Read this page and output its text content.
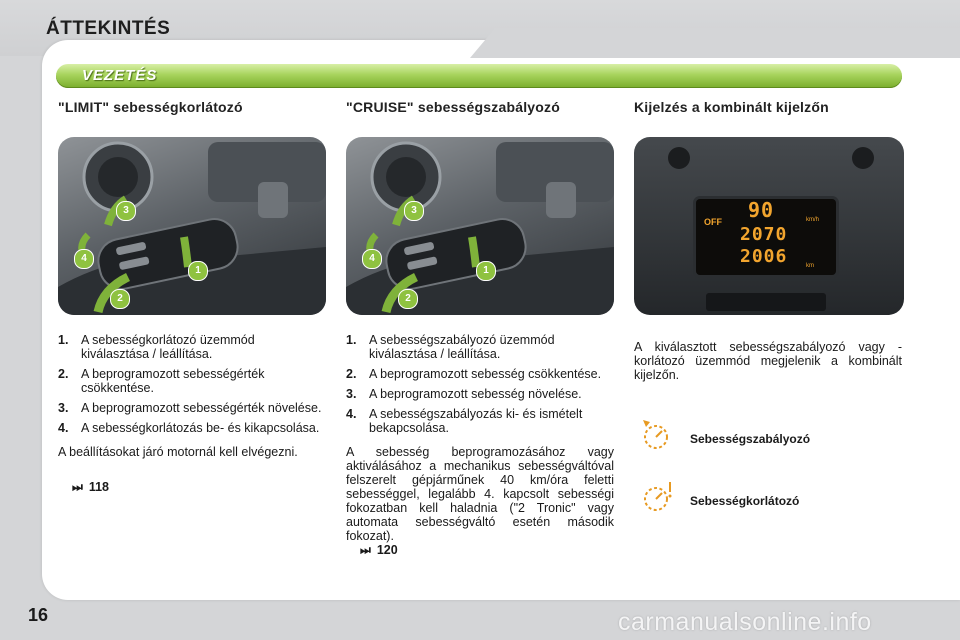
ÁTTEKINTÉS
VEZETÉS
"LIMIT" sebességkorlátozó
3
1
4
2
1. A sebességkorlátozó üzemmód kiválasztása / leállítása.
2. A beprogramozott sebességérték csökkentése.
3. A beprogramozott sebességérték növelése.
4. A sebességkorlátozás be- és kikapcsolása.
A beállításokat járó motornál kell elvégezni.
⏭ 118
"CRUISE" sebességszabályozó
3
1
4
2
1. A sebességszabályozó üzemmód kiválasztása / leállítása.
2. A beprogramozott sebesség csökkentése.
3. A beprogramozott sebesség növelése.
4. A sebességszabályozás ki- és ismételt bekapcsolása.
A sebesség beprogramozásához vagy aktiválásához a mechanikus sebességváltóval felszerelt gépjárműnek 40 km/óra feletti sebességgel, legalább 4. kapcsolt sebességi fokozatban kell haladnia ("2 Tronic" vagy automata sebességváltó esetén második fokozat).
⏭ 120
Kijelzés a kombinált kijelzőn
OFF 90	km/h
2070
2006	km
A kiválasztott sebességszabályozó vagy -korlátozó üzemmód megjelenik a kombinált kijelzőn.
Sebességszabályozó
Sebességkorlátozó
16	carmanualsonline.info
